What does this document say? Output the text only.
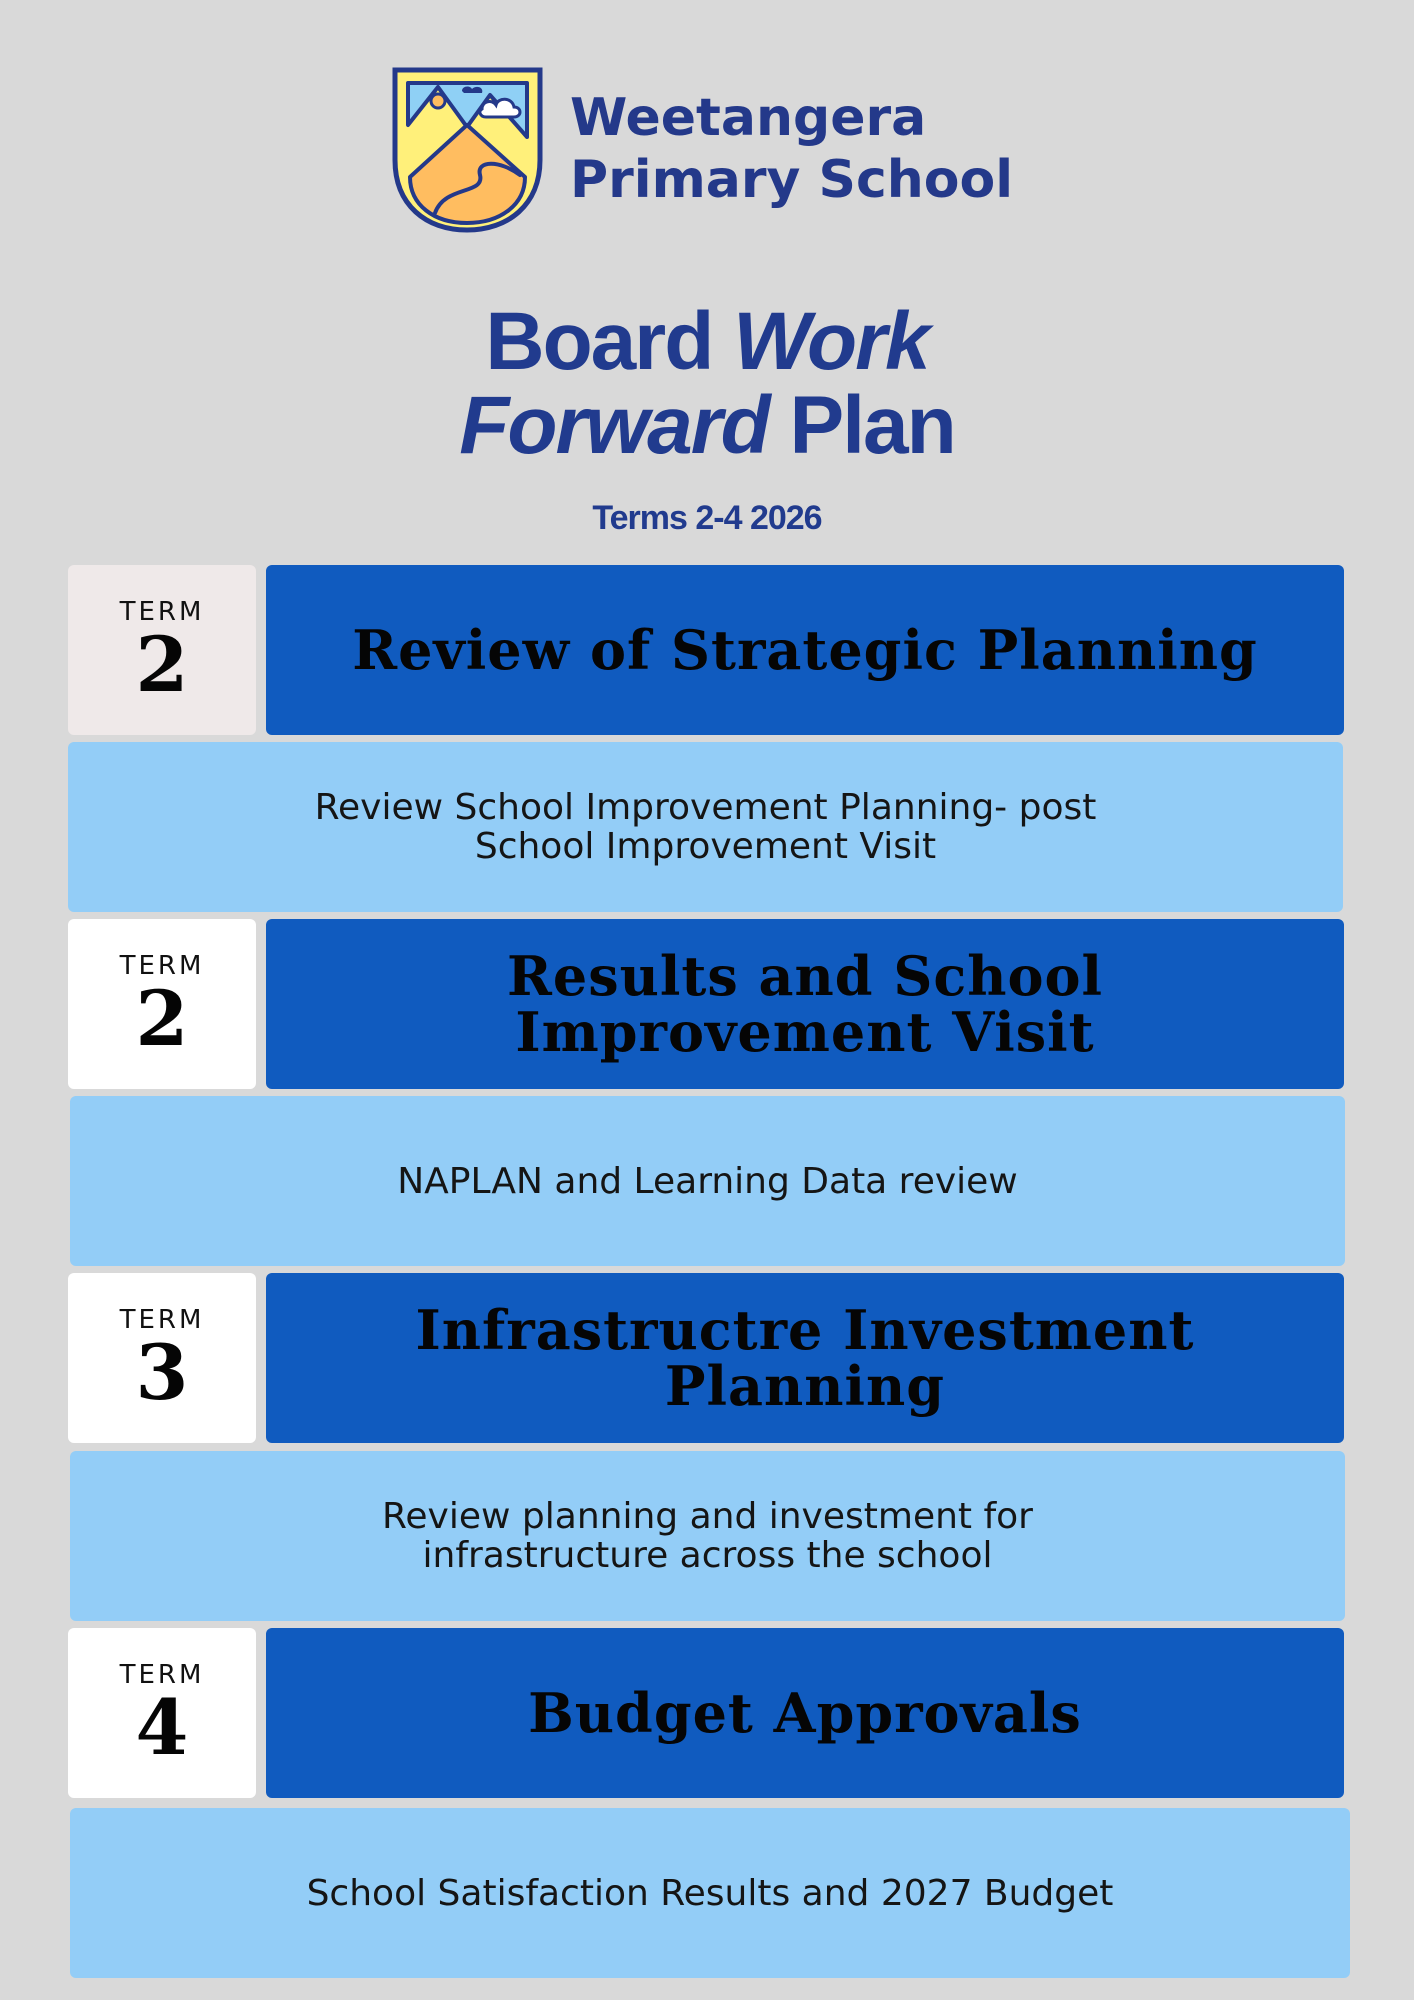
Weetangera
Primary School
Board Work
Forward Plan
Terms 2-4 2026
TERM
2	Review of Strategic Planning
Review School Improvement Planning- post School Improvement Visit
TERM
2	Results and School Improvement Visit
NAPLAN and Learning Data review
TERM
3	Infrastructre Investment Planning
Review planning and investment for infrastructure across the school
TERM
4	Budget Approvals
School Satisfaction Results and 2027 Budget
